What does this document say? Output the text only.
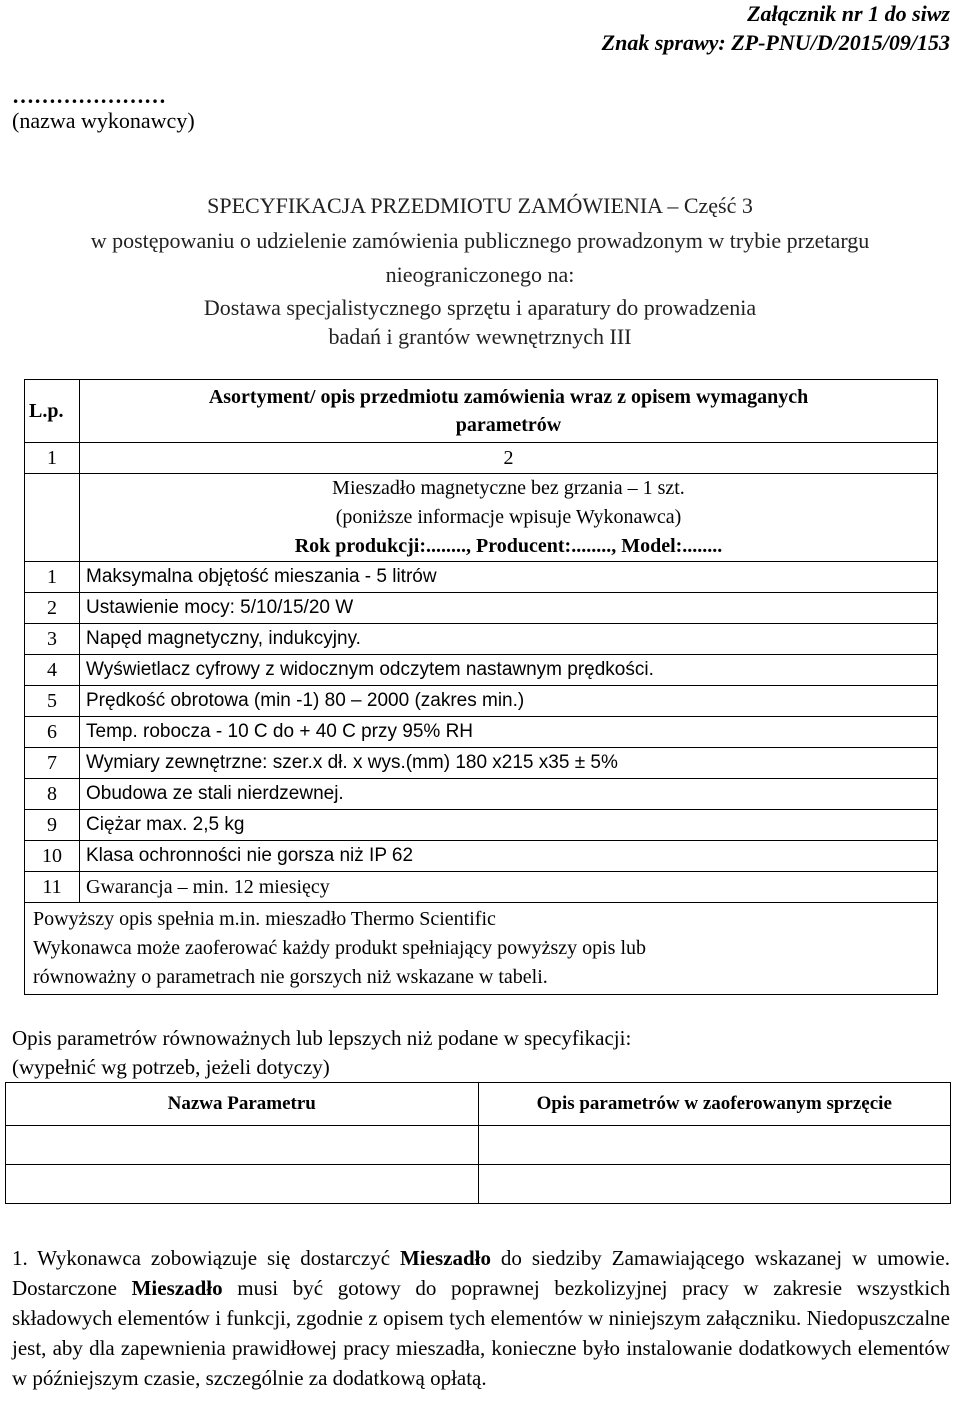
Załącznik nr 1 do siwz
Znak sprawy: ZP-PNU/D/2015/09/153
…………………
(nazwa wykonawcy)
SPECYFIKACJA PRZEDMIOTU ZAMÓWIENIA – Część 3
w postępowaniu o udzielenie zamówienia publicznego prowadzonym w trybie przetargu
nieograniczonego na:
Dostawa specjalistycznego sprzętu i aparatury do prowadzenia
badań i grantów wewnętrznych III
L.p.	Asortyment/ opis przedmiotu zamówienia wraz z opisem wymaganych
parametrów

1	2

	Mieszadło magnetyczne bez grzania – 1 szt.
(poniższe informacje wpisuje Wykonawca)
Rok produkcji:........, Producent:........, Model:........

1	Maksymalna objętość mieszania - 5 litrów
2	Ustawienie mocy: 5/10/15/20 W
3	Napęd magnetyczny, indukcyjny.
4	Wyświetlacz cyfrowy z widocznym odczytem nastawnym prędkości.
5	Prędkość obrotowa (min -1) 80 – 2000 (zakres min.)
6	Temp. robocza - 10 C do + 40 C przy 95% RH
7	Wymiary zewnętrzne: szer.x dł. x wys.(mm) 180 x215 x35 ± 5%
8	Obudowa ze stali nierdzewnej.
9	Ciężar max. 2,5 kg
10	Klasa ochronności nie gorsza niż IP 62
11	Gwarancja – min. 12 miesięcy

Powyższy opis spełnia m.in. mieszadło Thermo Scientific
Wykonawca może zaoferować każdy produkt spełniający powyższy opis lub
równoważny o parametrach nie gorszych niż wskazane w tabeli.	
Opis parametrów równoważnych lub lepszych niż podane w specyfikacji:
(wypełnić wg potrzeb, jeżeli dotyczy)
Nazwa Parametru	Opis parametrów w zaoferowanym sprzęcie

1. Wykonawca zobowiązuje się dostarczyć Mieszadło do siedziby Zamawiającego wskazanej w umowie. Dostarczone Mieszadło musi być gotowy do poprawnej bezkolizyjnej pracy w zakresie wszystkich składowych elementów i funkcji, zgodnie z opisem tych elementów w niniejszym załączniku. Niedopuszczalne jest, aby dla zapewnienia prawidłowej pracy mieszadła, konieczne było instalowanie dodatkowych elementów w późniejszym czasie, szczególnie za dodatkową opłatą.
